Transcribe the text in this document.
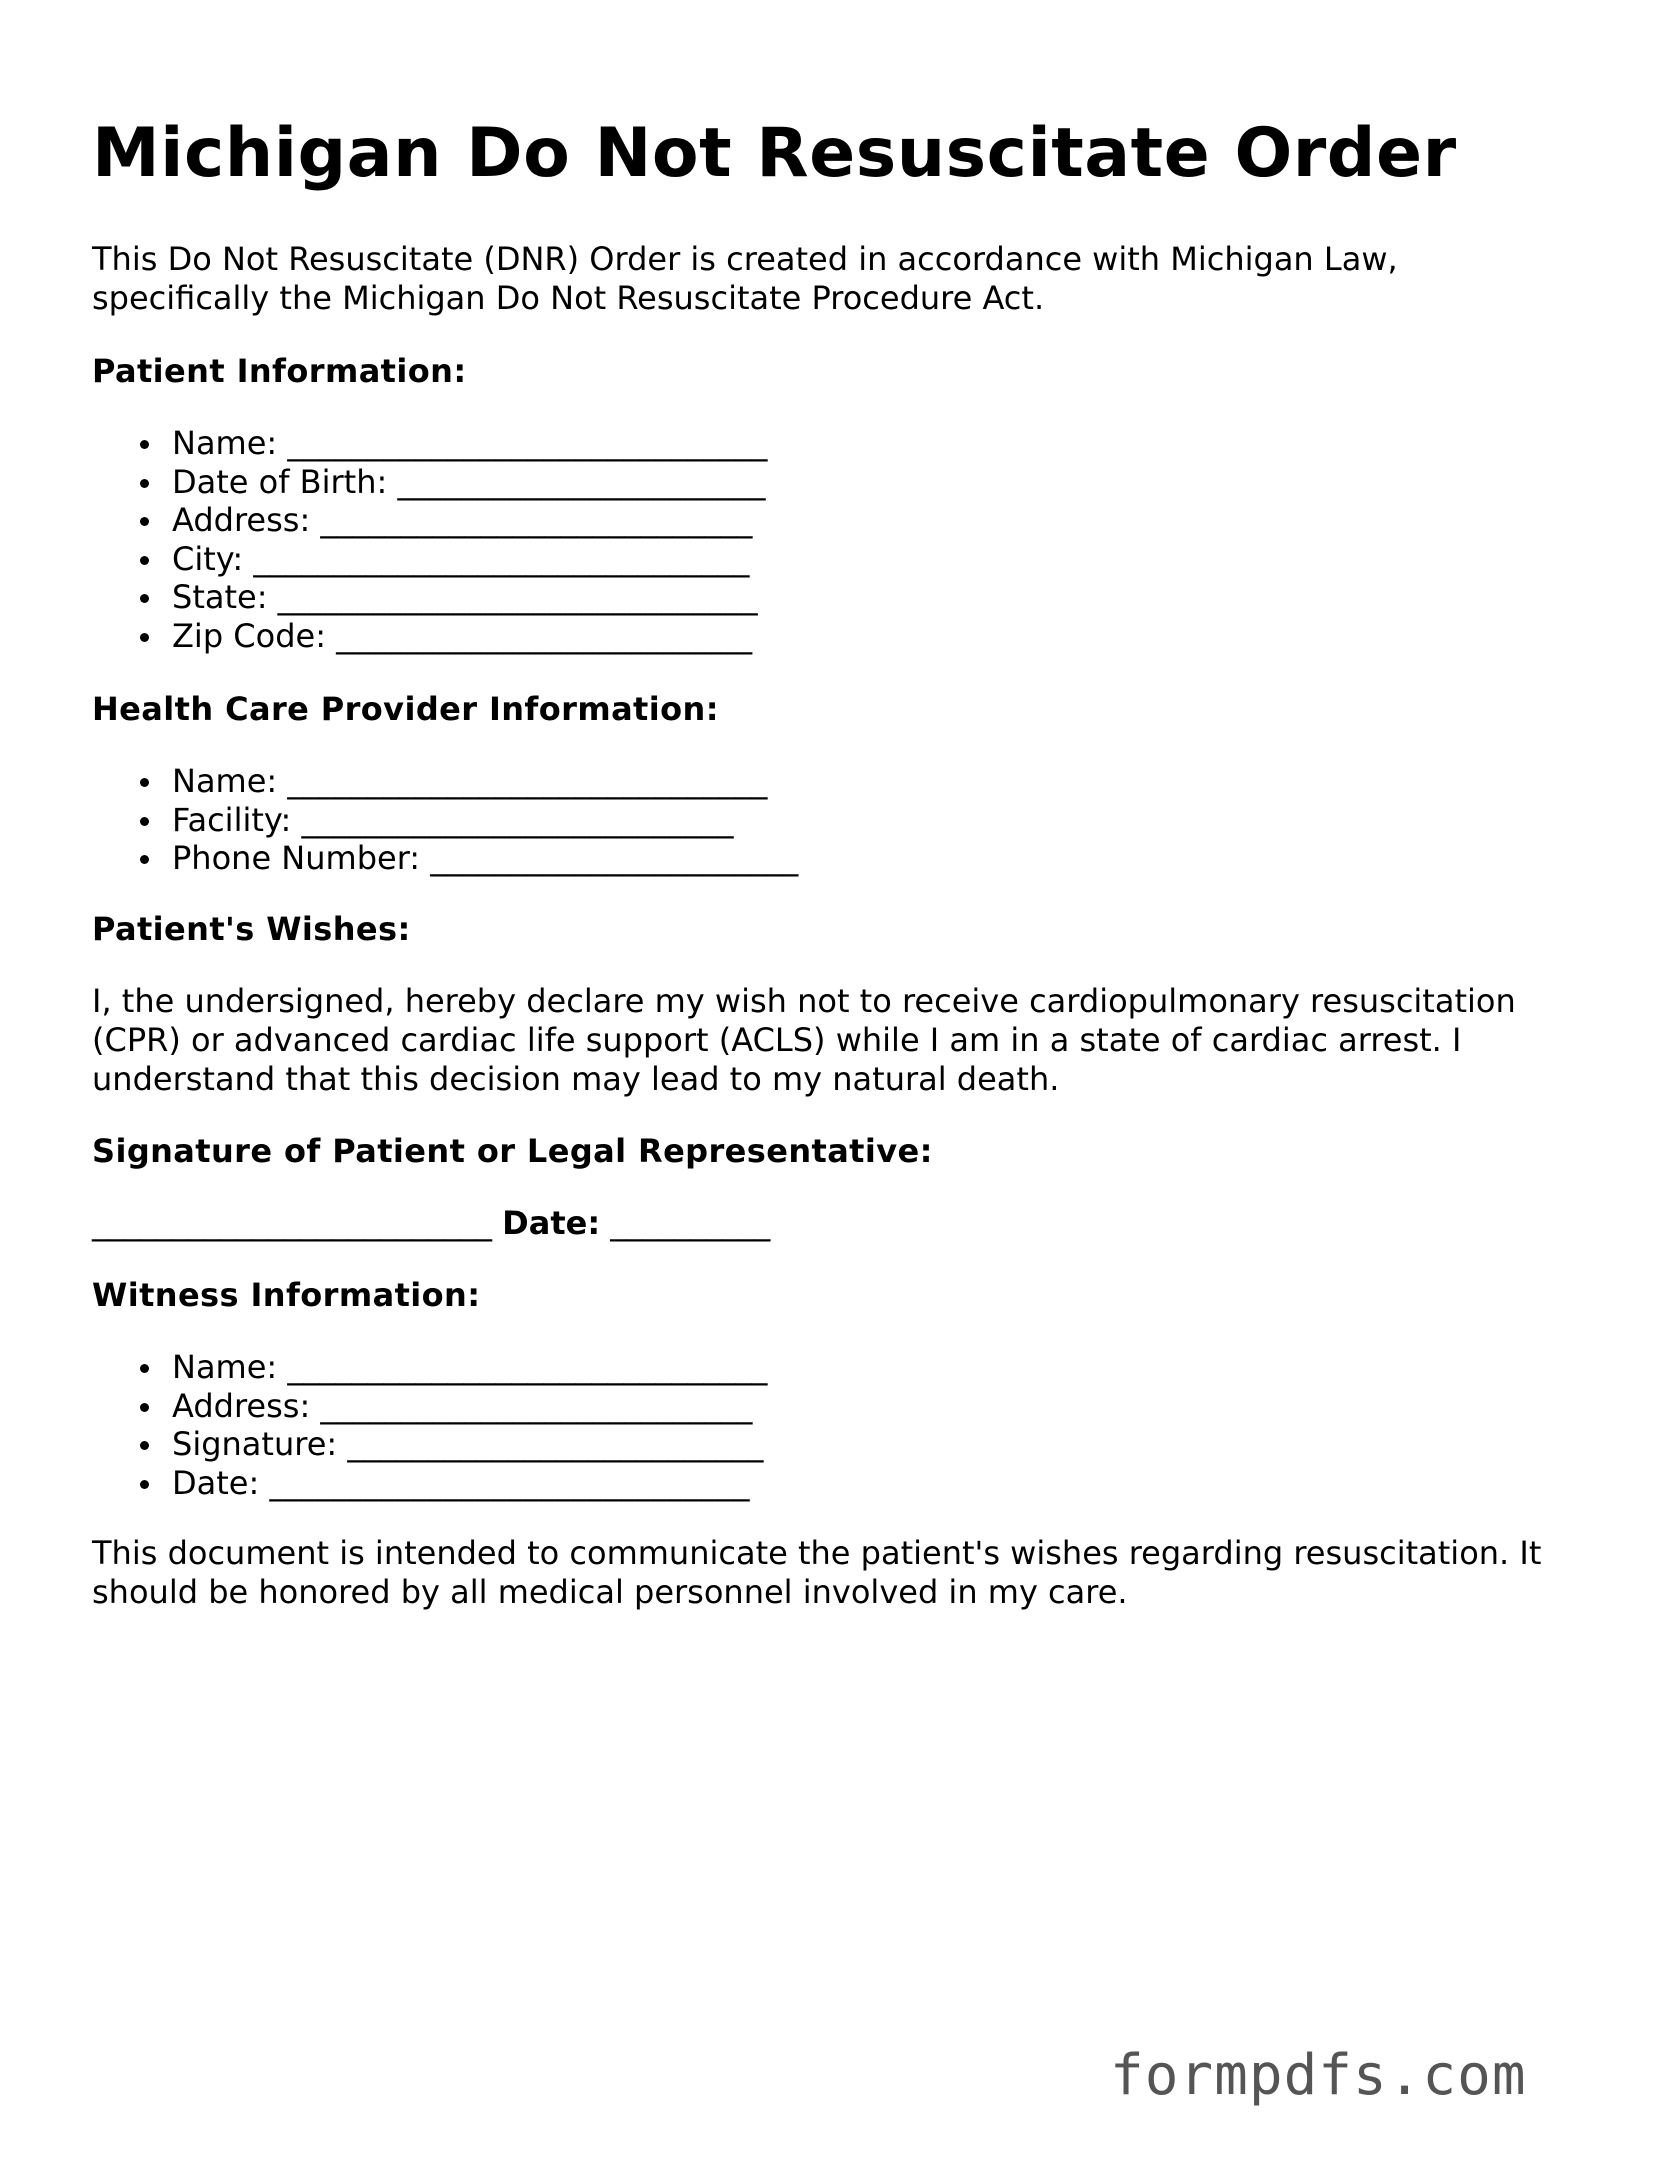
Michigan Do Not Resuscitate Order
This Do Not Resuscitate (DNR) Order is created in accordance with Michigan Law,
specifically the Michigan Do Not Resuscitate Procedure Act.
Patient Information:
Name: ______________________________
Date of Birth: _______________________
Address: ___________________________
City: _______________________________
State: ______________________________
Zip Code: __________________________
Health Care Provider Information:
Name: ______________________________
Facility: ___________________________
Phone Number: _______________________
Patient's Wishes:
I, the undersigned, hereby declare my wish not to receive cardiopulmonary resuscitation
(CPR) or advanced cardiac life support (ACLS) while I am in a state of cardiac arrest. I
understand that this decision may lead to my natural death.
Signature of Patient or Legal Representative:
_________________________ Date: __________
Witness Information:
Name: ______________________________
Address: ___________________________
Signature: __________________________
Date: ______________________________
This document is intended to communicate the patient's wishes regarding resuscitation. It
should be honored by all medical personnel involved in my care.
formpdfs.com
